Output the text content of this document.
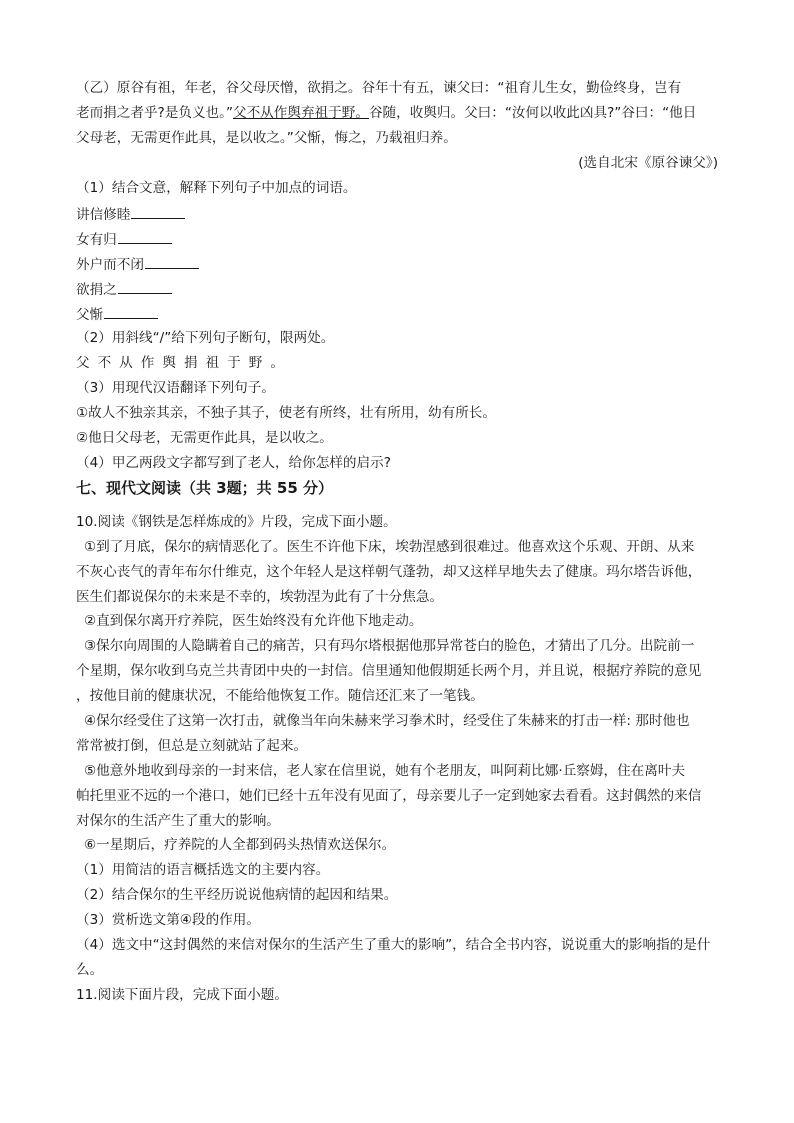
（乙）原谷有祖，年老，谷父母厌憎，欲捐之。谷年十有五，谏父曰：“祖育儿生女，勤俭终身，岂有
老而捐之者乎?是负义也。”父不从作舆弃祖于野。谷随，收舆归。父曰：“汝何以收此凶具?”谷曰：“他日
父母老，无需更作此具，是以收之。”父惭，悔之，乃载祖归养。
(选自北宋《原谷谏父》)
（1）结合文意，解释下列句子中加点的词语。
讲信修睦
女有归
外户而不闭
欲捐之
父惭
（2）用斜线“/”给下列句子断句，限两处。
父不从作舆捐祖于野。
（3）用现代汉语翻译下列句子。
①故人不独亲其亲，不独子其子，使老有所终，壮有所用，幼有所长。
②他日父母老，无需更作此具，是以收之。
（4）甲乙两段文字都写到了老人，给你怎样的启示?
七、现代文阅读（共 3题；共 55 分）
10.阅读《钢铁是怎样炼成的》片段，完成下面小题。
①到了月底，保尔的病情恶化了。医生不许他下床，埃勃涅感到很难过。他喜欢这个乐观、开朗、从来
不灰心丧气的青年布尔什维克，这个年轻人是这样朝气蓬勃，却又这样早地失去了健康。玛尔塔告诉他，
医生们都说保尔的未来是不幸的，埃勃涅为此有了十分焦急。
②直到保尔离开疗养院，医生始终没有允许他下地走动。
③保尔向周围的人隐瞒着自己的痛苦，只有玛尔塔根据他那异常苍白的脸色，才猜出了几分。出院前一
个星期，保尔收到乌克兰共青团中央的一封信。信里通知他假期延长两个月，并且说，根据疗养院的意见
，按他目前的健康状况，不能给他恢复工作。随信还汇来了一笔钱。
④保尔经受住了这第一次打击，就像当年向朱赫来学习拳术时，经受住了朱赫来的打击一样: 那时他也
常常被打倒，但总是立刻就站了起来。
⑤他意外地收到母亲的一封来信，老人家在信里说，她有个老朋友，叫阿莉比娜·丘察姆，住在离叶夫
帕托里亚不远的一个港口，她们已经十五年没有见面了，母亲要儿子一定到她家去看看。这封偶然的来信
对保尔的生活产生了重大的影响。
⑥一星期后，疗养院的人全都到码头热情欢送保尔。
（1）用简洁的语言概括选文的主要内容。
（2）结合保尔的生平经历说说他病情的起因和结果。
（3）赏析选文第④段的作用。
（4）选文中“这封偶然的来信对保尔的生活产生了重大的影响”，结合全书内容，说说重大的影响指的是什
么。
11.阅读下面片段，完成下面小题。
